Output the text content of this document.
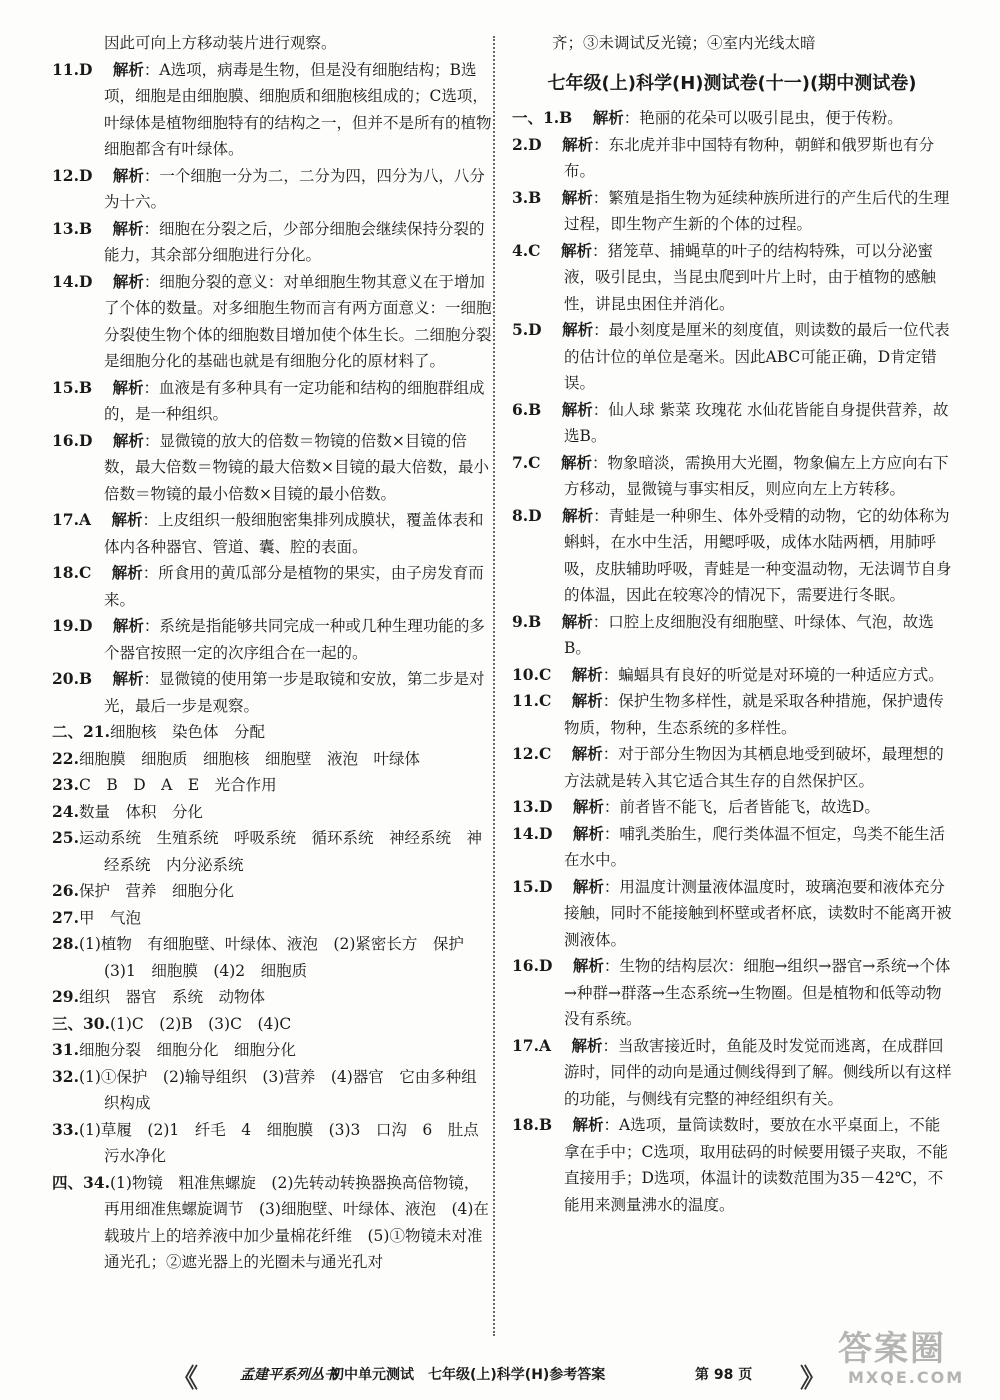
因此可向上方移动装片进行观察。

11.D 　 解析：A选项，病毒是生物，但是没有细胞结构；B选项，细胞是由细胞膜、细胞质和细胞核组成的；C选项，叶绿体是植物细胞特有的结构之一，但并不是所有的植物细胞都含有叶绿体。

12.D 　 解析：一个细胞一分为二，二分为四，四分为八，八分为十六。

13.B 　 解析：细胞在分裂之后，少部分细胞会继续保持分裂的能力，其余部分细胞进行分化。

14.D 　 解析：细胞分裂的意义：对单细胞生物其意义在于增加了个体的数量。对多细胞生物而言有两方面意义：一细胞分裂使生物个体的细胞数目增加使个体生长。二细胞分裂是细胞分化的基础也就是有细胞分化的原材料了。

15.B 　 解析：血液是有多种具有一定功能和结构的细胞群组成的，是一种组织。

16.D 　 解析：显微镜的放大的倍数＝物镜的倍数×目镜的倍数，最大倍数＝物镜的最大倍数×目镜的最大倍数，最小倍数＝物镜的最小倍数×目镜的最小倍数。

17.A 　 解析：上皮组织一般细胞密集排列成膜状，覆盖体表和体内各种器官、管道、囊、腔的表面。

18.C 　 解析：所食用的黄瓜部分是植物的果实，由子房发育而来。

19.D 　 解析：系统是指能够共同完成一种或几种生理功能的多个器官按照一定的次序组合在一起的。

20.B 　 解析：显微镜的使用第一步是取镜和安放，第二步是对光，最后一步是观察。

二、21.细胞核　染色体　分配

22.细胞膜　细胞质　细胞核　细胞壁　液泡　叶绿体

23.C　B　D　A　E　光合作用

24.数量　体积　分化

25.运动系统　生殖系统　呼吸系统　循环系统　神经系统　神经系统　内分泌系统

26.保护　营养　细胞分化

27.甲　气泡

28.(1)植物　有细胞壁、叶绿体、液泡　(2)紧密长方　保护　(3)1　细胞膜　(4)2　细胞质

29.组织　器官　系统　动物体

三、30.(1)C　(2)B　(3)C　(4)C

31.细胞分裂　细胞分化　细胞分化

32.(1)①保护　(2)输导组织　(3)营养　(4)器官　它由多种组织构成

33.(1)草履　(2)1　纤毛　4　细胞膜　(3)3　口沟　6　肚点　污水净化

四、34.(1)物镜　粗准焦螺旋　(2)先转动转换器换高倍物镜，再用细准焦螺旋调节　(3)细胞壁、叶绿体、液泡　(4)在载玻片上的培养液中加少量棉花纤维　(5)①物镜未对准通光孔；②遮光器上的光圈未与通光孔对

齐；③未调试反光镜；④室内光线太暗

七年级(上)科学(H)测试卷(十一)(期中测试卷)

一、1.B 　 解析：艳丽的花朵可以吸引昆虫，便于传粉。

2.D 　 解析：东北虎并非中国特有物种，朝鲜和俄罗斯也有分布。

3.B 　 解析：繁殖是指生物为延续种族所进行的产生后代的生理过程，即生物产生新的个体的过程。

4.C 　 解析：猪笼草、捕蝇草的叶子的结构特殊，可以分泌蜜液，吸引昆虫，当昆虫爬到叶片上时，由于植物的感触性，讲昆虫困住并消化。

5.D 　 解析：最小刻度是厘米的刻度值，则读数的最后一位代表的估计位的单位是毫米。因此ABC可能正确，D肯定错误。

6.B 　 解析：仙人球 紫菜 玫瑰花 水仙花皆能自身提供营养，故选B。

7.C 　 解析：物象暗淡，需换用大光圈，物象偏左上方应向右下方移动，显微镜与事实相反，则应向左上方转移。

8.D 　 解析：青蛙是一种卵生、体外受精的动物，它的幼体称为蝌蚪，在水中生活，用鳃呼吸，成体水陆两栖，用肺呼吸，皮肤辅助呼吸，青蛙是一种变温动物，无法调节自身的体温，因此在较寒冷的情况下，需要进行冬眠。

9.B 　 解析：口腔上皮细胞没有细胞壁、叶绿体、气泡，故选B。

10.C 　 解析：蝙蝠具有良好的听觉是对环境的一种适应方式。

11.C 　 解析：保护生物多样性，就是采取各种措施，保护遗传物质，物种，生态系统的多样性。

12.C 　 解析：对于部分生物因为其栖息地受到破坏，最理想的方法就是转入其它适合其生存的自然保护区。

13.D 　 解析：前者皆不能飞，后者皆能飞，故选D。

14.D 　 解析：哺乳类胎生，爬行类体温不恒定，鸟类不能生活在水中。

15.D 　 解析：用温度计测量液体温度时，玻璃泡要和液体充分接触，同时不能接触到杯壁或者杯底，读数时不能离开被测液体。

16.D 　 解析：生物的结构层次：细胞→组织→器官→系统→个体→种群→群落→生态系统→生物圈。但是植物和低等动物没有系统。

17.A 　 解析：当敌害接近时，鱼能及时发觉而逃离，在成群回游时，同伴的动向是通过侧线得到了解。侧线所以有这样的功能，与侧线有完整的神经组织有关。

18.B 　 解析：A选项，量筒读数时，要放在水平桌面上，不能拿在手中；C选项，取用砝码的时候要用镊子夹取，不能直接用手；D选项，体温计的读数范围为35－42℃，不能用来测量沸水的温度。

《	孟建平系列丛书
初中单元测试　七年级(上)科学(H)参考答案	第 98 页 》
答案圈
MXQE.COM
